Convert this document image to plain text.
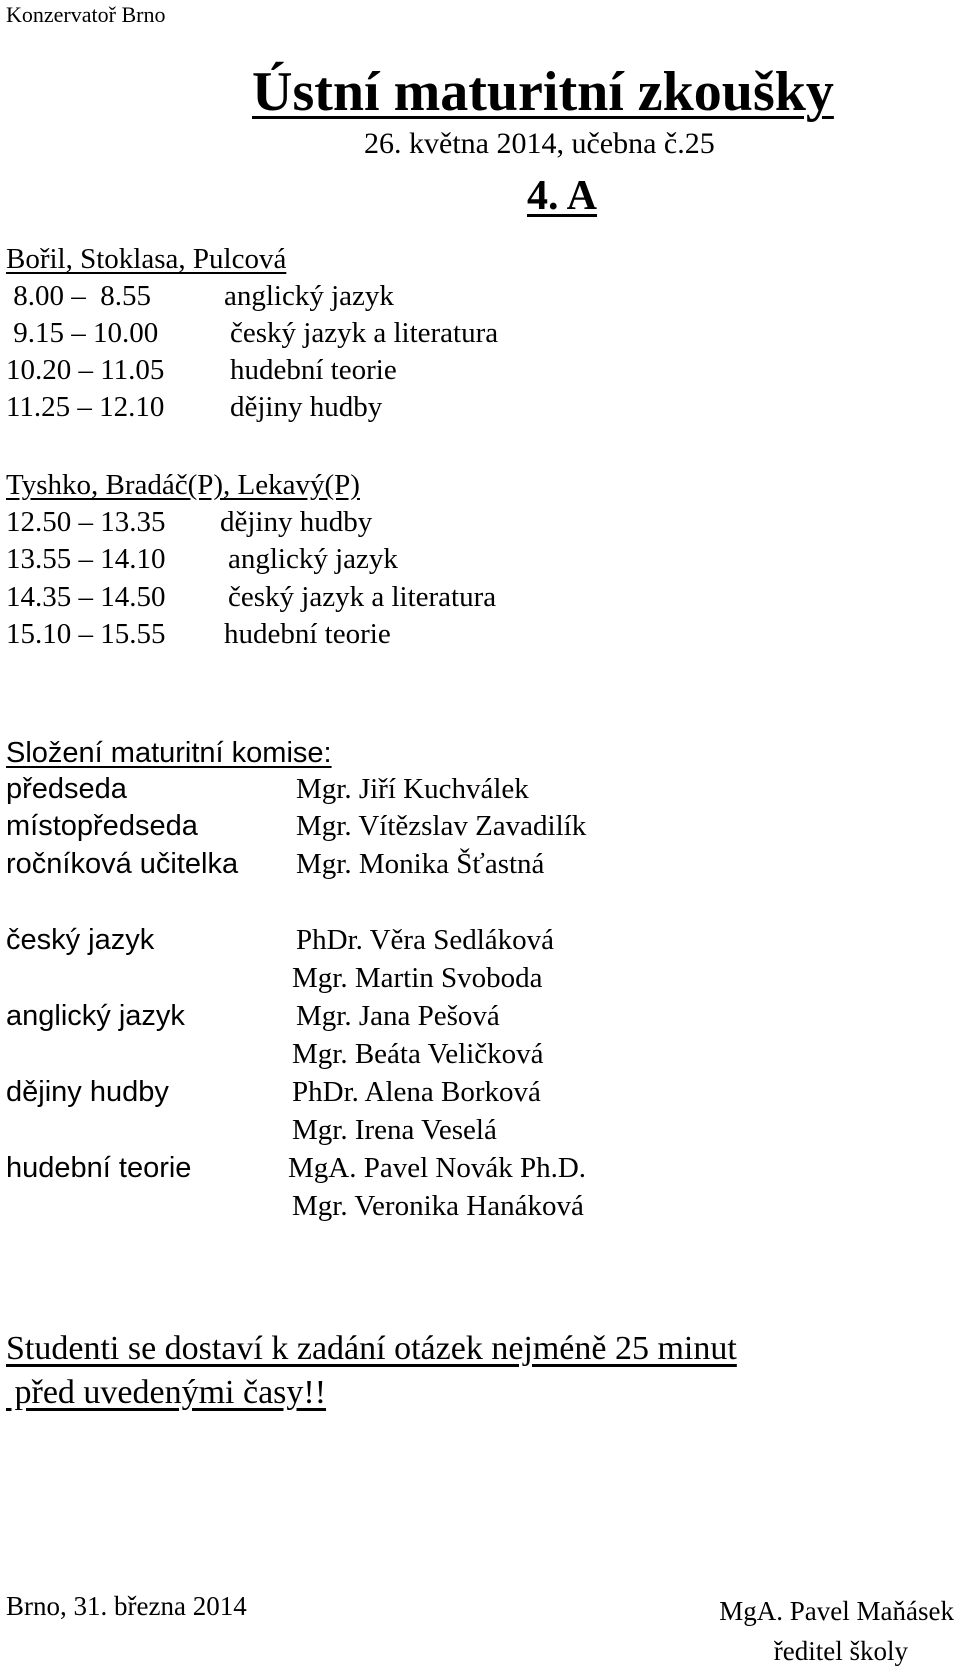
Konzervatoř Brno
Ústní maturitní zkoušky
26. května 2014, učebna č.25
4. A
Bořil, Stoklasa, Pulcová
8.00 –  8.55	anglický jazyk
9.15 – 10.00 český jazyk a literatura
10.20 – 11.05 hudební teorie
11.25 – 12.10 dějiny hudby
Tyshko, Bradáč(P), Lekavý(P)
12.50 – 13.35 dějiny hudby
13.55 – 14.10 anglický jazyk
14.35 – 14.50 český jazyk a literatura
15.10 – 15.55 hudební teorie
Složení maturitní komise:
předseda	Mgr. Jiří Kuchválek
místopředseda	Mgr. Vítězslav Zavadilík
ročníková učitelka Mgr. Monika Šťastná
český jazyk	PhDr. Věra Sedláková
Mgr. Martin Svoboda
anglický jazyk	Mgr. Jana Pešová
Mgr. Beáta Veličková
dějiny hudby	PhDr. Alena Borková
Mgr. Irena Veselá
hudební teorie	MgA. Pavel Novák Ph.D.
Mgr. Veronika Hanáková
Studenti se dostaví k zadání otázek nejméně 25 minut
před uvedenými časy!!
Brno, 31. března 2014	MgA. Pavel Maňásek
ředitel školy
